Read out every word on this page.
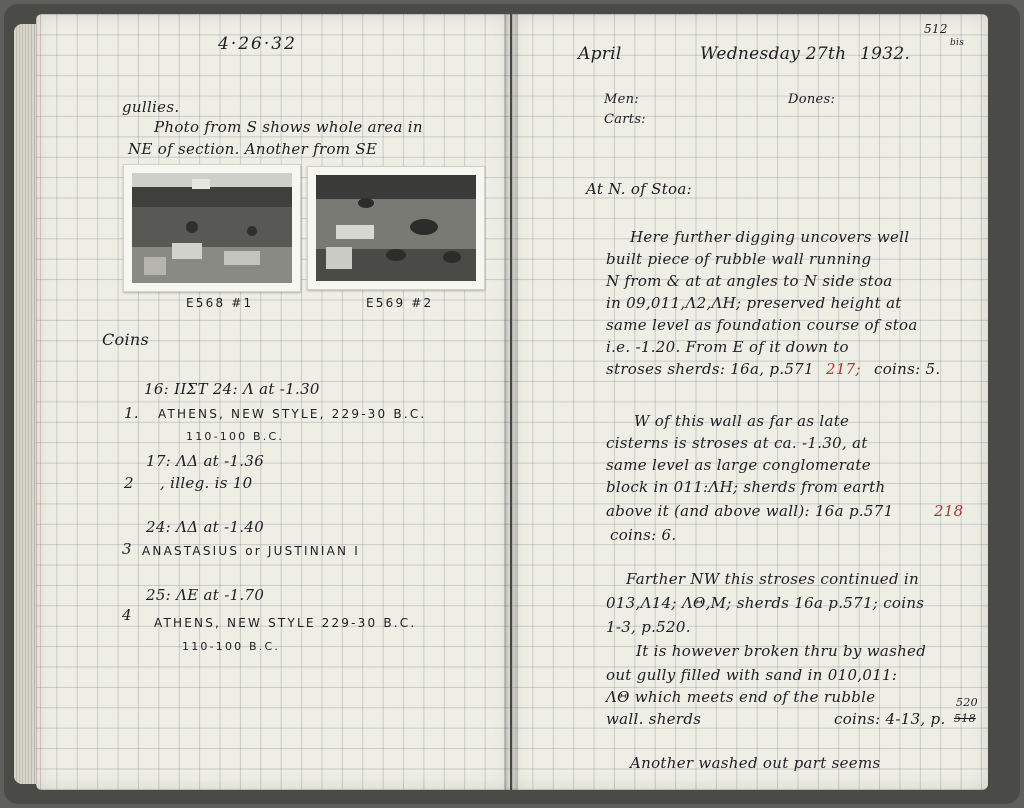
4·26·32
gullies.
Photo from S shows whole area in
NE of section. Another from SE
E568 #1	E569 #2
Coins
16: ΙΙΣΤ 24: Λ at -1.30
1. ATHENS, NEW STYLE, 229-30 B.C.
110-100 B.C.
17: ΛΔ at -1.36
2 , illeg. is 10
24: ΛΔ at -1.40
3 ANASTASIUS or JUSTINIAN I
25: ΛΕ at -1.70
4 ATHENS, NEW STYLE 229-30 B.C.
110-100 B.C.
512
bis
April	Wednesday 27th 1932.
Men:
Carts:
Dones:
At N. of Stoa:
Here further digging uncovers well
built piece of rubble wall running
N from & at at angles to N side stoa
in 09,011,Λ2,ΛΗ; preserved height at
same level as foundation course of stoa
i.e. -1.20. From E of it down to
stroses sherds: 16a, p.571 217; coins: 5.
W of this wall as far as late
cisterns is stroses at ca. -1.30, at
same level as large conglomerate
block in 011:ΛΗ; sherds from earth
above it (and above wall): 16a p.571	218
coins: 6.
Farther NW this stroses continued in
013,Λ14; ΛΘ,Μ; sherds 16a p.571; coins
1-3, p.520.
It is however broken thru by washed
out gully filled with sand in 010,011:
ΛΘ which meets end of the rubble
wall. sherds	coins: 4-13, p.
520
518
Another washed out part seems
